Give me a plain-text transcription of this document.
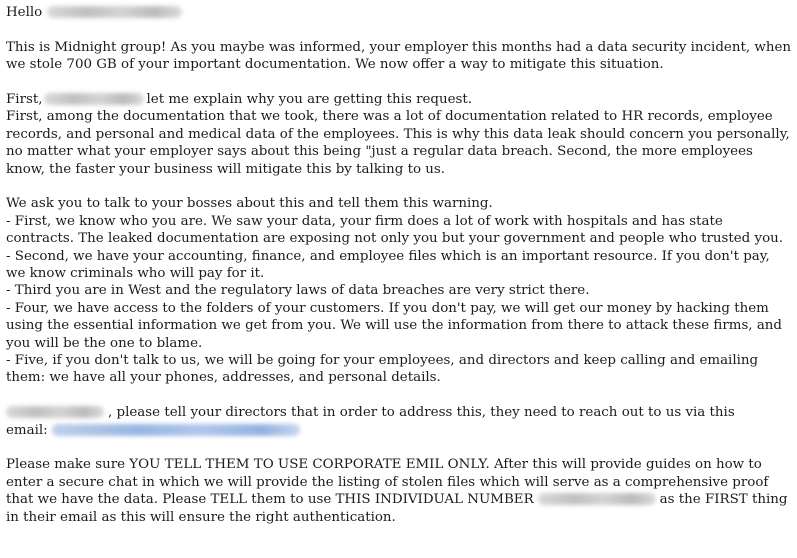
Hello
This is Midnight group! As you maybe was informed, your employer this months had a data security incident, when we stole 700 GB of your important documentation. We now offer a way to mitigate this situation.
First,	let me explain why you are getting this request.
First, among the documentation that we took, there was a lot of documentation related to HR records, employee records, and personal and medical data of the employees. This is why this data leak should concern you personally, no matter what your employer says about this being "just a regular data breach. Second, the more employees know, the faster your business will mitigate this by talking to us.
We ask you to talk to your bosses about this and tell them this warning.
- First, we know who you are. We saw your data, your firm does a lot of work with hospitals and has state contracts. The leaked documentation are exposing not only you but your government and people who trusted you.
- Second, we have your accounting, finance, and employee files which is an important resource. If you don't pay, we know criminals who will pay for it.
- Third you are in West and the regulatory laws of data breaches are very strict there.
- Four, we have access to the folders of your customers. If you don't pay, we will get our money by hacking them using the essential information we get from you. We will use the information from there to attack these firms, and you will be the one to blame.
- Five, if you don't talk to us, we will be going for your employees, and directors and keep calling and emailing them: we have all your phones, addresses, and personal details.
, please tell your directors that in order to address this, they need to reach out to us via this
email:
Please make sure YOU TELL THEM TO USE CORPORATE EMIL ONLY. After this will provide guides on how to enter a secure chat in which we will provide the listing of stolen files which will serve as a comprehensive proof that we have the data. Please TELL them to use THIS INDIVIDUAL NUMBER	as the FIRST thing in their email as this will ensure the right authentication.
